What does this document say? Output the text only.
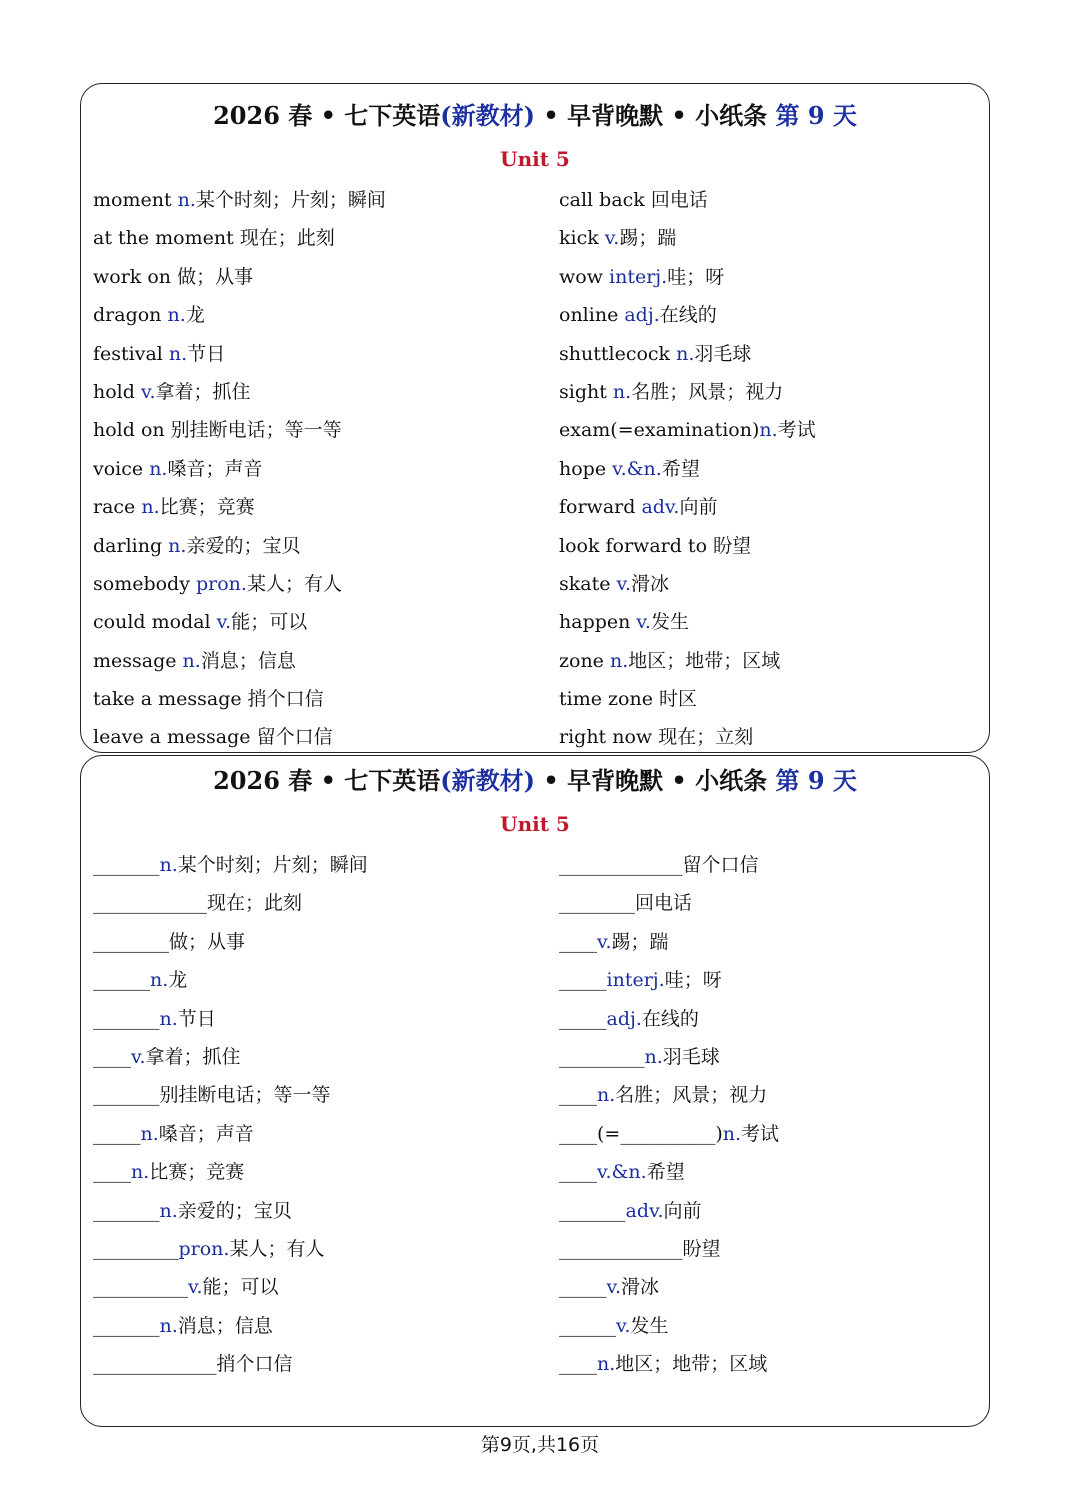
2026 春 • 七下英语(新教材) • 早背晚默 • 小纸条 第 9 天
Unit 5
moment n.某个时刻；片刻；瞬间
at the moment 现在；此刻
work on 做；从事
dragon n.龙
festival n.节日
hold v.拿着；抓住
hold on 别挂断电话；等一等
voice n.嗓音；声音
race n.比赛；竞赛
darling n.亲爱的；宝贝
somebody pron.某人；有人
could modal v.能；可以
message n.消息；信息
take a message 捎个口信
leave a message 留个口信
call back 回电话
kick v.踢；踹
wow interj.哇；呀
online adj.在线的
shuttlecock n.羽毛球
sight n.名胜；风景；视力
exam(=examination)n.考试
hope v.&n.希望
forward adv.向前
look forward to 盼望
skate v.滑冰
happen v.发生
zone n.地区；地带；区域
time zone 时区
right now 现在；立刻
2026 春 • 七下英语(新教材) • 早背晚默 • 小纸条 第 9 天
Unit 5
_______n.某个时刻；片刻；瞬间
____________现在；此刻
________做；从事
______n.龙
_______n.节日
____v.拿着；抓住
_______别挂断电话；等一等
_____n.嗓音；声音
____n.比赛；竞赛
_______n.亲爱的；宝贝
_________pron.某人；有人
__________v.能；可以
_______n.消息；信息
_____________捎个口信
_____________留个口信
________回电话
____v.踢；踹
_____interj.哇；呀
_____adj.在线的
_________n.羽毛球
____n.名胜；风景；视力
____(=__________)n.考试
____v.&n.希望
_______adv.向前
_____________盼望
_____v.滑冰
______v.发生
____n.地区；地带；区域
第9页,共16页
